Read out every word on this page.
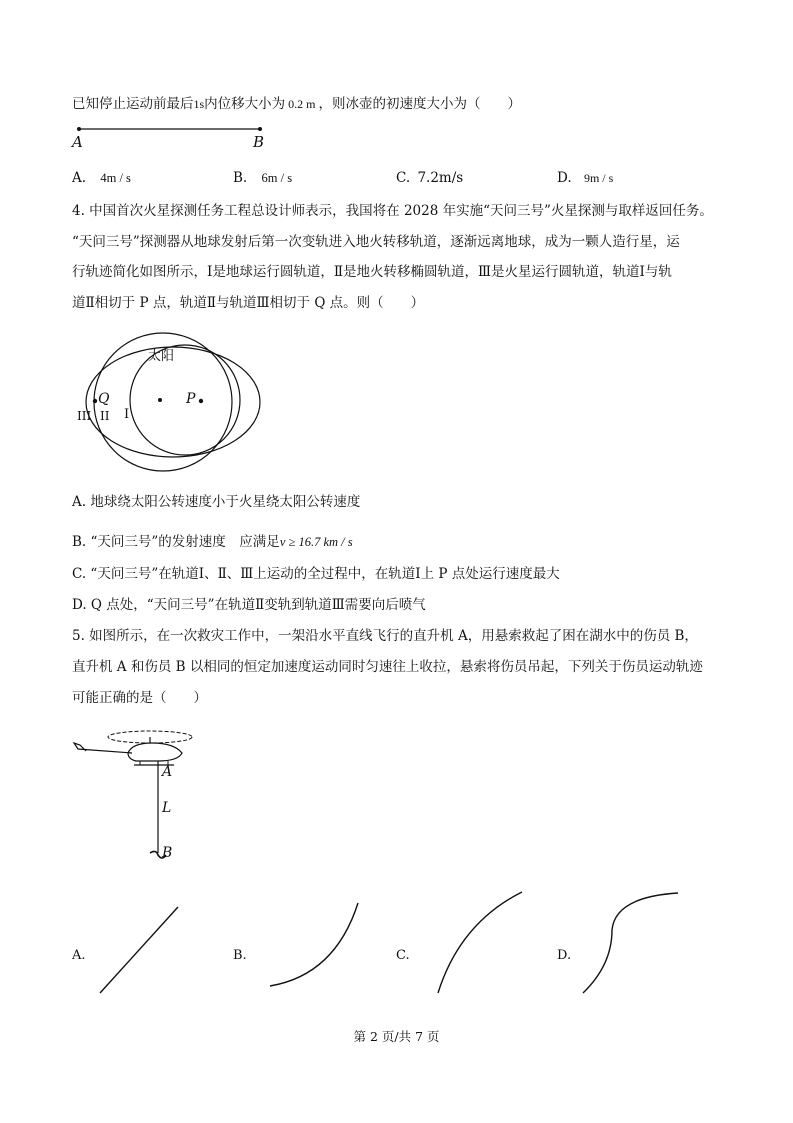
已知停止运动前最后1s内位移大小为 0.2 m ，则冰壶的初速度大小为（　　）
A	B
A. 4m / s	B. 6m / s	C. 7.2m/s	D. 9m / s
4. 中国首次火星探测任务工程总设计师表示，我国将在 2028 年实施“天问三号”火星探测与取样返回任务。
“天问三号”探测器从地球发射后第一次变轨进入地火转移轨道，逐渐远离地球，成为一颗人造行星，运
行轨迹简化如图所示，Ⅰ是地球运行圆轨道，Ⅱ是地火转移椭圆轨道，Ⅲ是火星运行圆轨道，轨道Ⅰ与轨
道Ⅱ相切于 P 点，轨道Ⅱ与轨道Ⅲ相切于 Q 点。则（　　）
太阳
P
Q
I
II
III
A. 地球绕太阳公转速度小于火星绕太阳公转速度
B. “天问三号”的发射速度　应满足v ≥ 16.7 km / s
C. “天问三号”在轨道Ⅰ、Ⅱ、Ⅲ上运动的全过程中，在轨道Ⅰ上 P 点处运行速度最大
D. Q 点处，“天问三号”在轨道Ⅱ变轨到轨道Ⅲ需要向后喷气
5. 如图所示，在一次救灾工作中，一架沿水平直线飞行的直升机 A，用悬索救起了困在湖水中的伤员 B，
直升机 A 和伤员 B 以相同的恒定加速度运动同时匀速往上收拉，悬索将伤员吊起，下列关于伤员运动轨迹
可能正确的是（　　）
A
L
B
A.	B.	C.	D.
第 2 页/共 7 页
